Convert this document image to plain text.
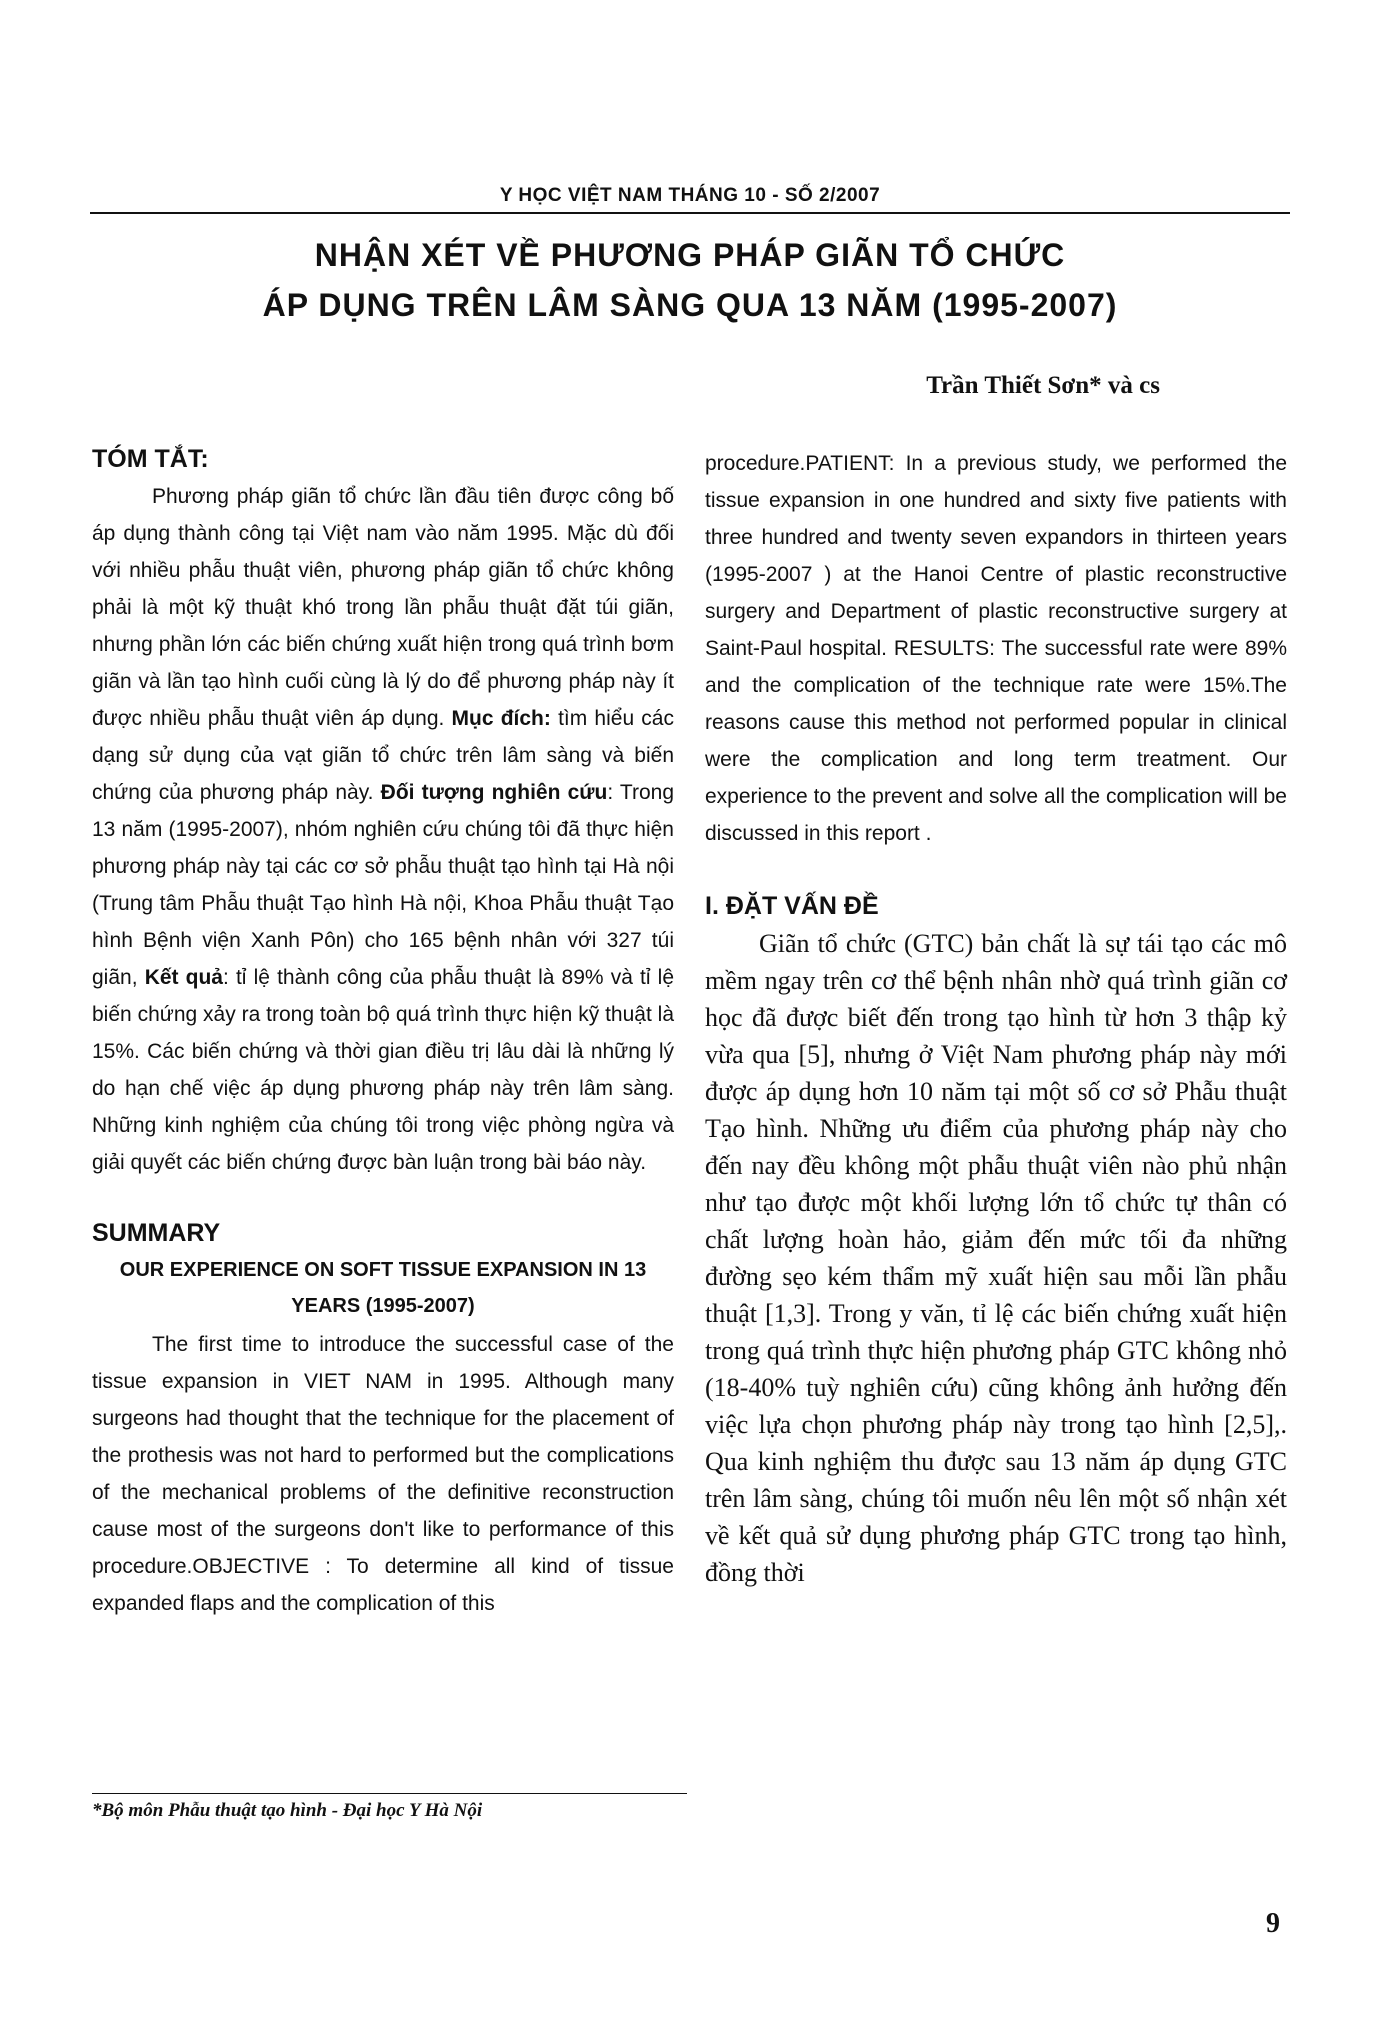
Y HỌC VIỆT NAM THÁNG 10 - SỐ 2/2007
NHẬN XÉT VỀ PHƯƠNG PHÁP GIÃN TỔ CHỨC
ÁP DỤNG TRÊN LÂM SÀNG QUA 13 NĂM (1995-2007)
Trần Thiết Sơn* và cs
TÓM TẮT:

Phương pháp giãn tổ chức lần đầu tiên được công bố áp dụng thành công tại Việt nam vào năm 1995. Mặc dù đối với nhiều phẫu thuật viên, phương pháp giãn tổ chức không phải là một kỹ thuật khó trong lần phẫu thuật đặt túi giãn, nhưng phần lớn các biến chứng xuất hiện trong quá trình bơm giãn và lần tạo hình cuối cùng là lý do để phương pháp này ít được nhiều phẫu thuật viên áp dụng. Mục đích: tìm hiểu các dạng sử dụng của vạt giãn tổ chức trên lâm sàng và biến chứng của phương pháp này. Đối tượng nghiên cứu: Trong 13 năm (1995-2007), nhóm nghiên cứu chúng tôi đã thực hiện phương pháp này tại các cơ sở phẫu thuật tạo hình tại Hà nội (Trung tâm Phẫu thuật Tạo hình Hà nội, Khoa Phẫu thuật Tạo hình Bệnh viện Xanh Pôn) cho 165 bệnh nhân với 327 túi giãn, Kết quả: tỉ lệ thành công của phẫu thuật là 89% và tỉ lệ biến chứng xảy ra trong toàn bộ quá trình thực hiện kỹ thuật là 15%. Các biến chứng và thời gian điều trị lâu dài là những lý do hạn chế việc áp dụng phương pháp này trên lâm sàng. Những kinh nghiệm của chúng tôi trong việc phòng ngừa và giải quyết các biến chứng được bàn luận trong bài báo này.

SUMMARY
OUR EXPERIENCE ON SOFT TISSUE EXPANSION IN 13 YEARS (1995-2007)

The first time to introduce the successful case of the tissue expansion in VIET NAM in 1995. Although many surgeons had thought that the technique for the placement of the prothesis was not hard to performed but the complications of the mechanical problems of the definitive reconstruction cause most of the surgeons don't like to performance of this procedure.OBJECTIVE : To determine all kind of tissue expanded flaps and the complication of this

procedure.PATIENT: In a previous study, we performed the tissue expansion in one hundred and sixty five patients with three hundred and twenty seven expandors in thirteen years (1995-2007 ) at the Hanoi Centre of plastic reconstructive surgery and Department of plastic reconstructive surgery at Saint-Paul hospital. RESULTS: The successful rate were 89% and the complication of the technique rate were 15%.The reasons cause this method not performed popular in clinical were the complication and long term treatment. Our experience to the prevent and solve all the complication will be discussed in this report .

I. ĐẶT VẤN ĐỀ

Giãn tổ chức (GTC) bản chất là sự tái tạo các mô mềm ngay trên cơ thể bệnh nhân nhờ quá trình giãn cơ học đã được biết đến trong tạo hình từ hơn 3 thập kỷ vừa qua [5], nhưng ở Việt Nam phương pháp này mới được áp dụng hơn 10 năm tại một số cơ sở Phẫu thuật Tạo hình. Những ưu điểm của phương pháp này cho đến nay đều không một phẫu thuật viên nào phủ nhận như tạo được một khối lượng lớn tổ chức tự thân có chất lượng hoàn hảo, giảm đến mức tối đa những đường sẹo kém thẩm mỹ xuất hiện sau mỗi lần phẫu thuật [1,3]. Trong y văn, tỉ lệ các biến chứng xuất hiện trong quá trình thực hiện phương pháp GTC không nhỏ (18-40% tuỳ nghiên cứu) cũng không ảnh hưởng đến việc lựa chọn phương pháp này trong tạo hình [2,5],. Qua kinh nghiệm thu được sau 13 năm áp dụng GTC trên lâm sàng, chúng tôi muốn nêu lên một số nhận xét về kết quả sử dụng phương pháp GTC trong tạo hình, đồng thời

*Bộ môn Phẫu thuật tạo hình - Đại học Y Hà Nội
9
